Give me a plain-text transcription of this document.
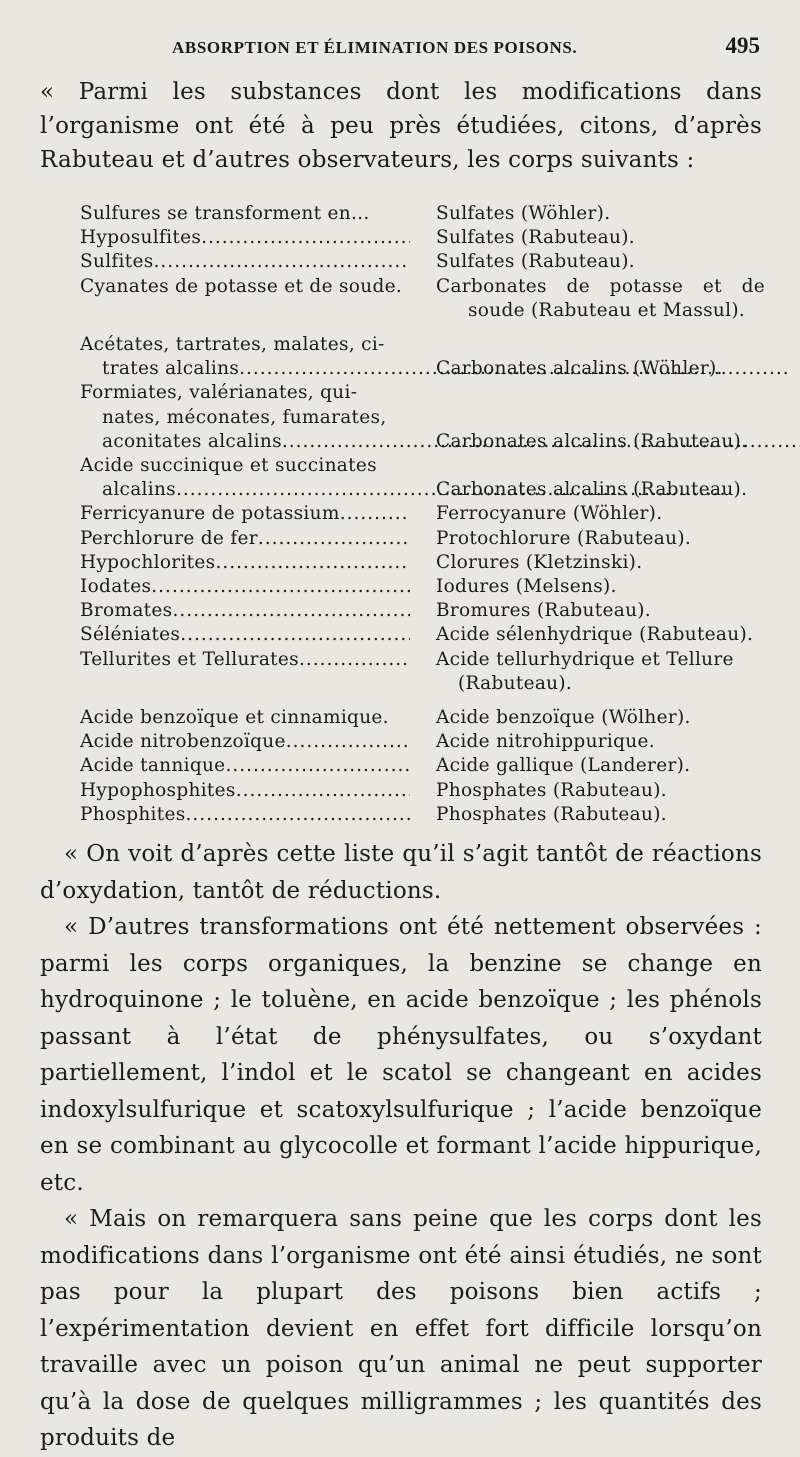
ABSORPTION ET ÉLIMINATION DES POISONS.	495
« Parmi les substances dont les modifications dans l’organisme ont été à peu près étudiées, citons, d’après Rabuteau et d’autres observateurs, les corps suivants :
Sulfures se transforment en...	Sulfates (Wöhler).
Hyposulfites .....	Sulfates (Rabuteau).
Sulfites .....	Sulfates (Rabuteau).
Cyanates de potasse et de soude.	Carbonates de potasse et de
soude (Rabuteau et Massul).
Acétates, tartrates, malates, ci-
trates alcalins .....	Carbonates alcalins (Wöhler).
Formiates, valérianates, qui-
nates, méconates, fumarates,
aconitates alcalins .....	Carbonates alcalins (Rabuteau).
Acide succinique et succinates
alcalins .....	Carbonates alcalins (Rabuteau).
Ferricyanure de potassium .....	Ferrocyanure (Wöhler).
Perchlorure de fer .....	Protochlorure (Rabuteau).
Hypochlorites .....	Clorures (Kletzinski).
Iodates .....	Iodures (Melsens).
Bromates .....	Bromures (Rabuteau).
Séléniates .....	Acide sélenhydrique (Rabuteau).
Tellurites et Tellurates .....	Acide tellurhydrique et Tellure
(Rabuteau).
Acide benzoïque et cinnamique.	Acide benzoïque (Wölher).
Acide nitrobenzoïque .....	Acide nitrohippurique.
Acide tannique .....	Acide gallique (Landerer).
Hypophosphites .....	Phosphates (Rabuteau).
Phosphites .....	Phosphates (Rabuteau).

« On voit d’après cette liste qu’il s’agit tantôt de réactions d’oxydation, tantôt de réductions.

« D’autres transformations ont été nettement observées : parmi les corps organiques, la benzine se change en hydroquinone ; le toluène, en acide benzoïque ; les phénols passant à l’état de phénysulfates, ou s’oxydant partiellement, l’indol et le scatol se changeant en acides indoxylsulfurique et scatoxylsulfurique ; l’acide benzoïque en se combinant au glycocolle et formant l’acide hippurique, etc.

« Mais on remarquera sans peine que les corps dont les modifications dans l’organisme ont été ainsi étudiés, ne sont pas pour la plupart des poisons bien actifs ; l’expérimentation devient en effet fort difficile lorsqu’on travaille avec un poison qu’un animal ne peut supporter qu’à la dose de quelques milligrammes ; les quantités des produits de
